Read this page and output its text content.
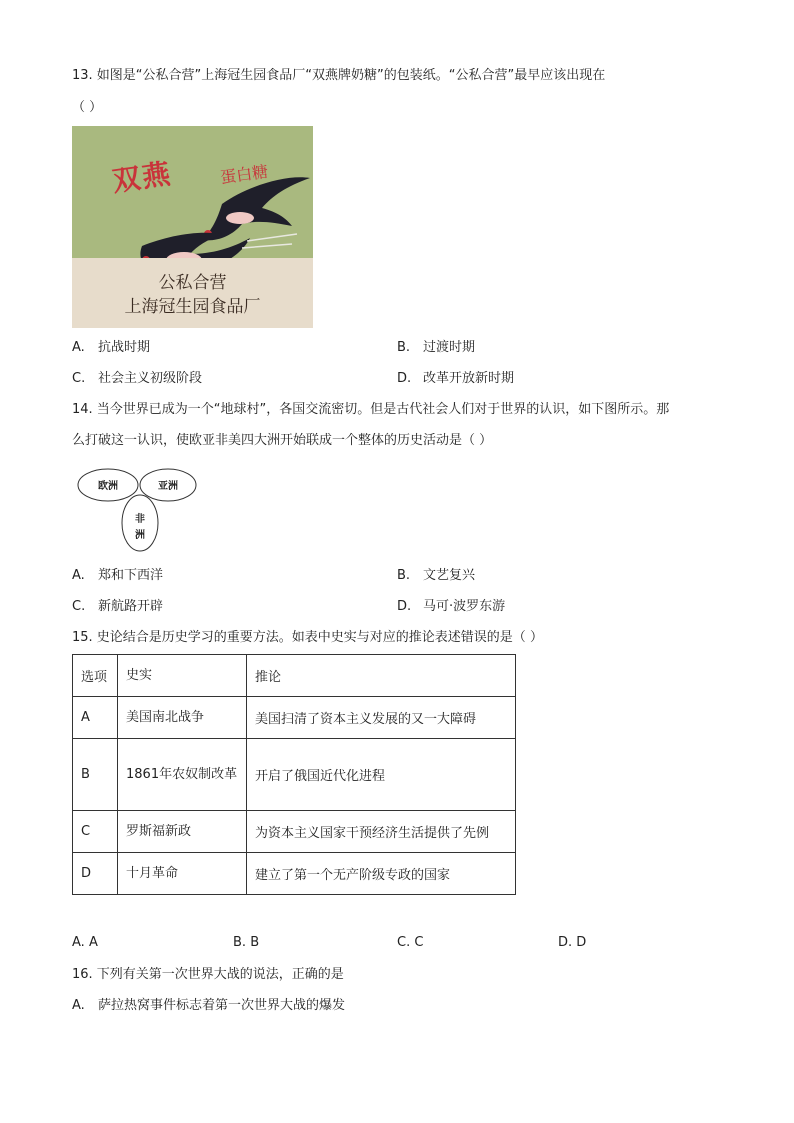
13. 如图是“公私合营”上海冠生园食品厂“双燕牌奶糖”的包装纸。“公私合营”最早应该出现在
（ ）
双燕	蛋白糖
公私合营
上海冠生园食品厂
A. 抗战时期	B. 过渡时期
C. 社会主义初级阶段	D. 改革开放新时期
14. 当今世界已成为一个“地球村”，各国交流密切。但是古代社会人们对于世界的认识，如下图所示。那
么打破这一认识，使欧亚非美四大洲开始联成一个整体的历史活动是（ ）
欧洲	亚洲
非
洲
A. 郑和下西洋	B. 文艺复兴
C. 新航路开辟	D. 马可·波罗东游
15. 史论结合是历史学习的重要方法。如表中史实与对应的推论表述错误的是（ ）
选项	史实	推论
A	美国南北战争	美国扫清了资本主义发展的又一大障碍
B	1861年农奴制改革	开启了俄国近代化进程
C	罗斯福新政	为资本主义国家干预经济生活提供了先例
D	十月革命	建立了第一个无产阶级专政的国家
A. A	B. B	C. C	D. D
16. 下列有关第一次世界大战的说法，正确的是
A. 萨拉热窝事件标志着第一次世界大战的爆发
